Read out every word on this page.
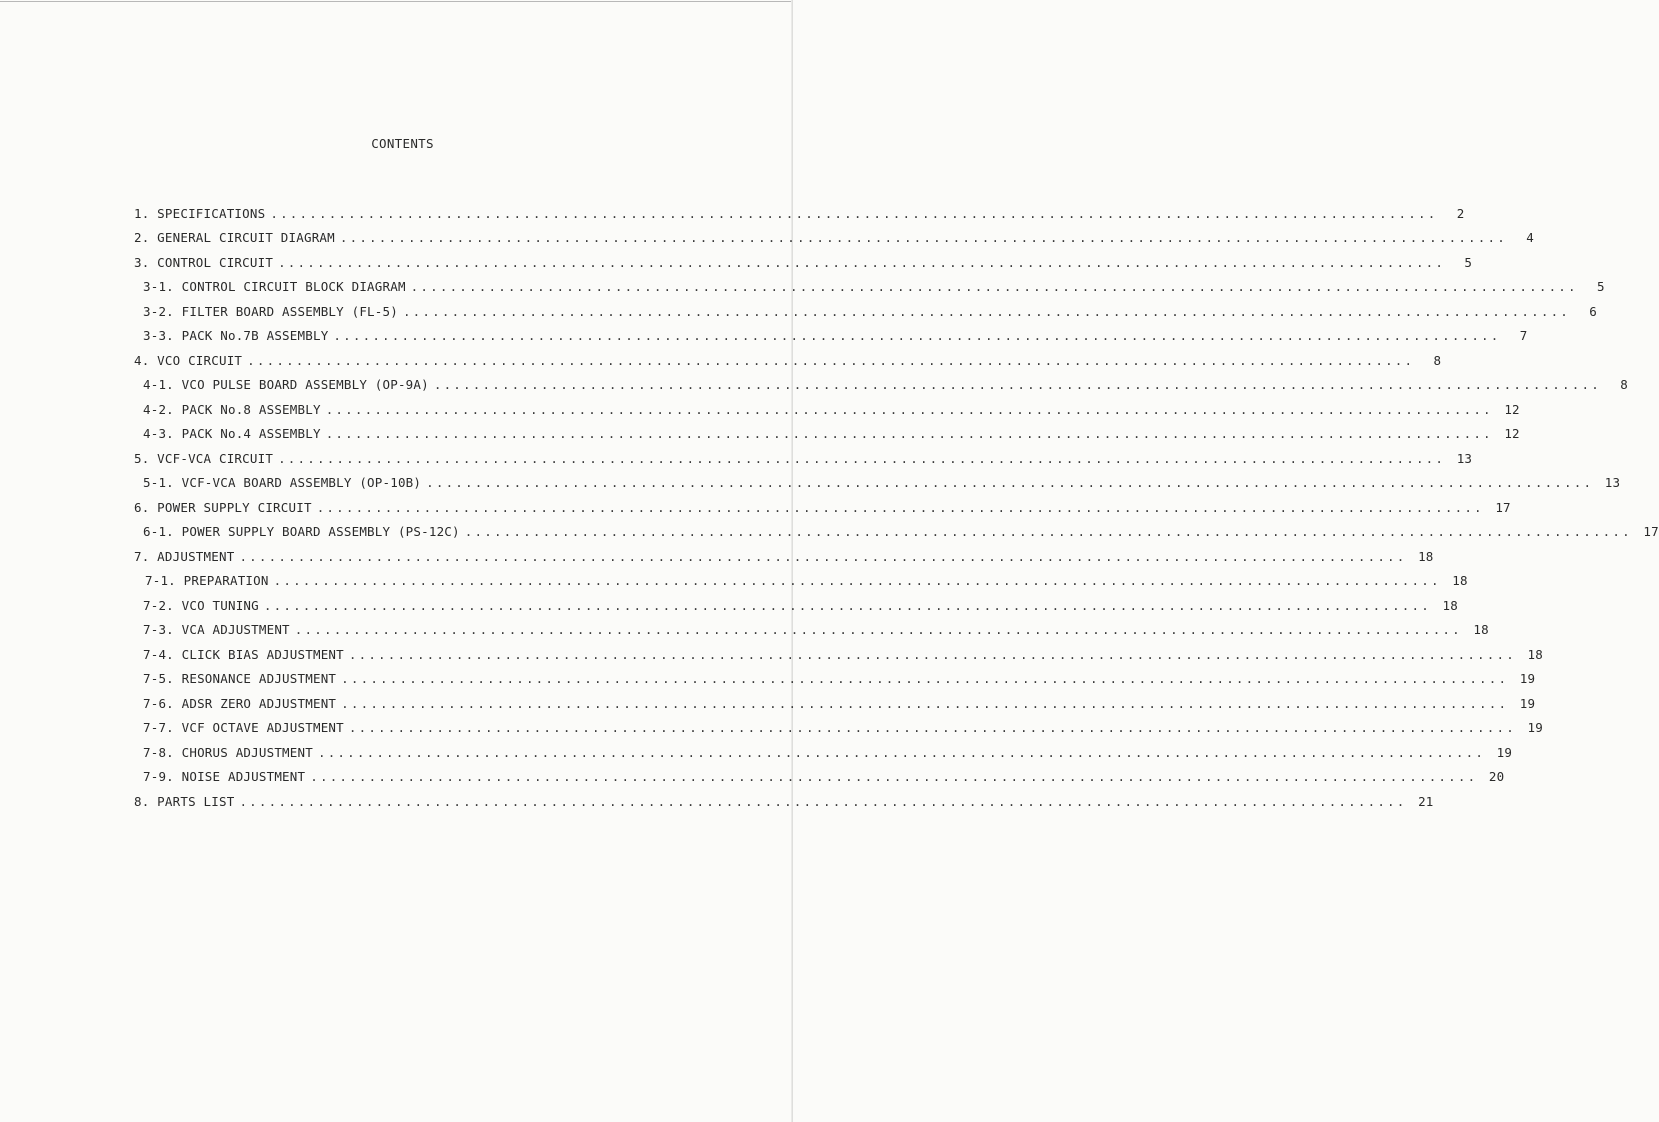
CONTENTS
1. SPECIFICATIONS ........................................................................................................................	2
2. GENERAL CIRCUIT DIAGRAM ........................................................................................................................	4
3. CONTROL CIRCUIT ........................................................................................................................	5
3-1. CONTROL CIRCUIT BLOCK DIAGRAM ........................................................................................................................	5
3-2. FILTER BOARD ASSEMBLY (FL-5) ........................................................................................................................	6
3-3. PACK No.7B ASSEMBLY ........................................................................................................................	7
4. VCO CIRCUIT ........................................................................................................................	8
4-1. VCO PULSE BOARD ASSEMBLY (OP-9A) ........................................................................................................................	8
4-2. PACK No.8 ASSEMBLY ........................................................................................................................ 12
4-3. PACK No.4 ASSEMBLY ........................................................................................................................ 12
5. VCF-VCA CIRCUIT ........................................................................................................................ 13
5-1. VCF-VCA BOARD ASSEMBLY (OP-10B) ........................................................................................................................ 13
6. POWER SUPPLY CIRCUIT ........................................................................................................................ 17
6-1. POWER SUPPLY BOARD ASSEMBLY (PS-12C) ........................................................................................................................ 17
7. ADJUSTMENT ........................................................................................................................ 18
7-1. PREPARATION ........................................................................................................................ 18
7-2. VCO TUNING ........................................................................................................................ 18
7-3. VCA ADJUSTMENT ........................................................................................................................ 18
7-4. CLICK BIAS ADJUSTMENT ........................................................................................................................ 18
7-5. RESONANCE ADJUSTMENT ........................................................................................................................ 19
7-6. ADSR ZERO ADJUSTMENT ........................................................................................................................ 19
7-7. VCF OCTAVE ADJUSTMENT ........................................................................................................................ 19
7-8. CHORUS ADJUSTMENT ........................................................................................................................ 19
7-9. NOISE ADJUSTMENT ........................................................................................................................ 20
8. PARTS LIST ........................................................................................................................ 21
